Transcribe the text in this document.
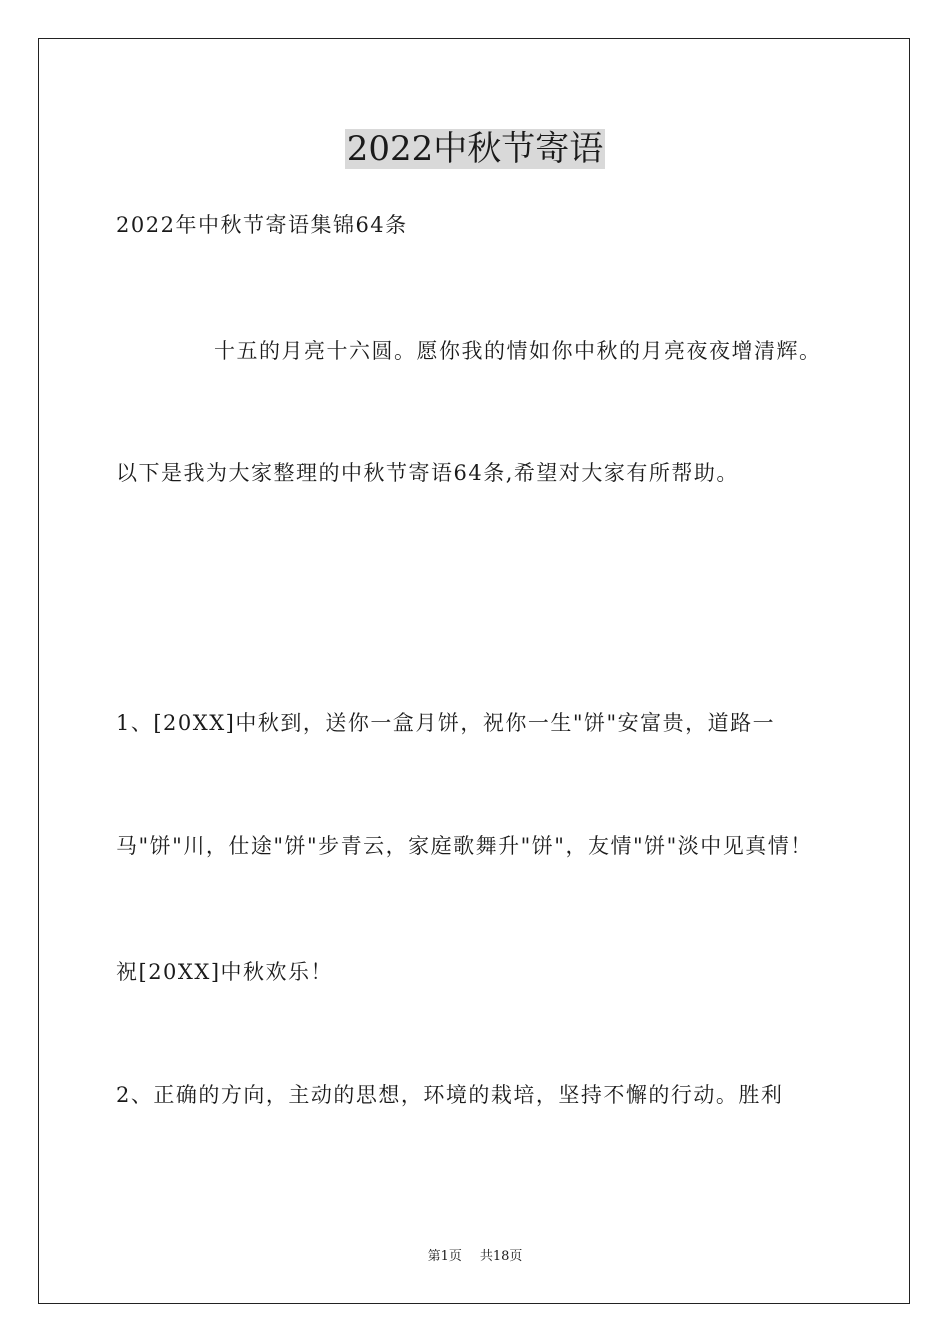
2022中秋节寄语

2022年中秋节寄语集锦64条

十五的月亮十六圆。愿你我的情如你中秋的月亮夜夜增清辉。

以下是我为大家整理的中秋节寄语64条,希望对大家有所帮助。

1、[20XX]中秋到，送你一盒月饼，祝你一生"饼"安富贵，道路一

马"饼"川，仕途"饼"步青云，家庭歌舞升"饼"，友情"饼"淡中见真情！

祝[20XX]中秋欢乐！

2、正确的方向，主动的思想，环境的栽培，坚持不懈的行动。胜利

第1页 共18页
